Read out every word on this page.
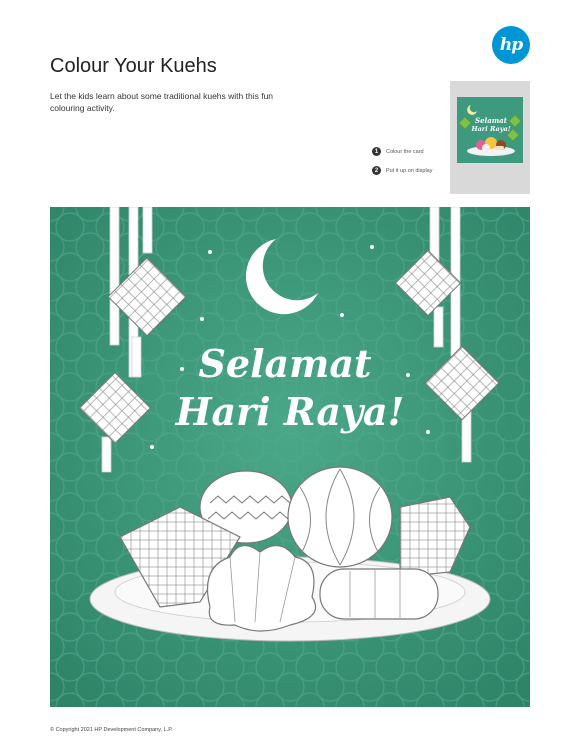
hp
Colour Your Kuehs
Let the kids learn about some traditional kuehs with this fun colouring activity.
Selamat
Hari Raya!
1	Colour the card
2	Put it up on display
Selamat
Hari Raya!
© Copyright 2021 HP Development Company, L.P.
